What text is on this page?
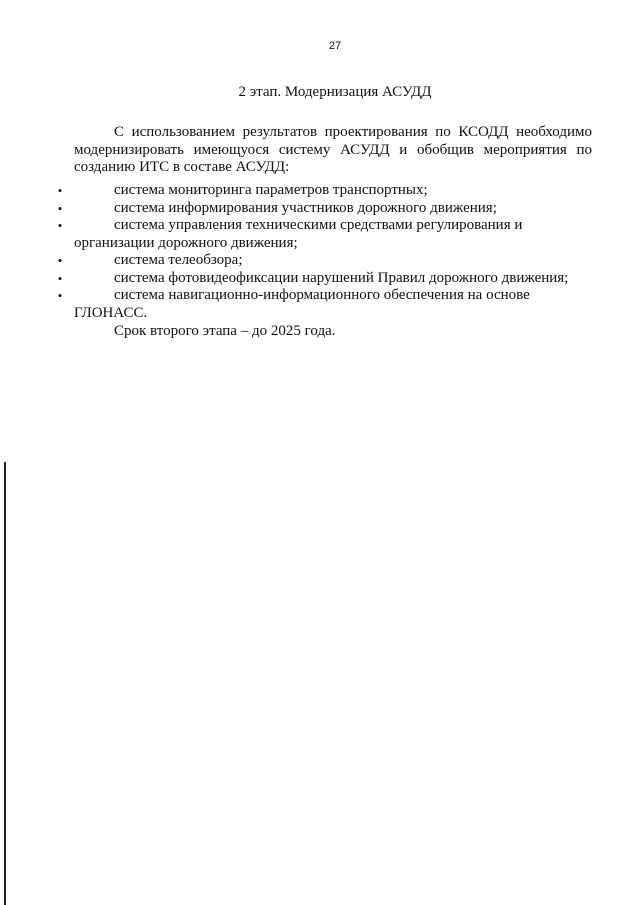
27
2 этап. Модернизация АСУДД

С использованием результатов проектирования по КСОДД необходимо модернизировать имеющуося систему АСУДД и обобщив мероприятия по созданию ИТС в составе АСУДД:

•	система мониторинга параметров транспортных;
•	система информирования участников дорожного движения;
•	система управления техническими средствами регулирования и организации дорожного движения;
•	система телеобзора;
•	система фотовидеофиксации нарушений Правил дорожного движения;
•	система навигационно-информационного обеспечения на основе ГЛОНАСС.

Срок второго этапа – до 2025 года.
